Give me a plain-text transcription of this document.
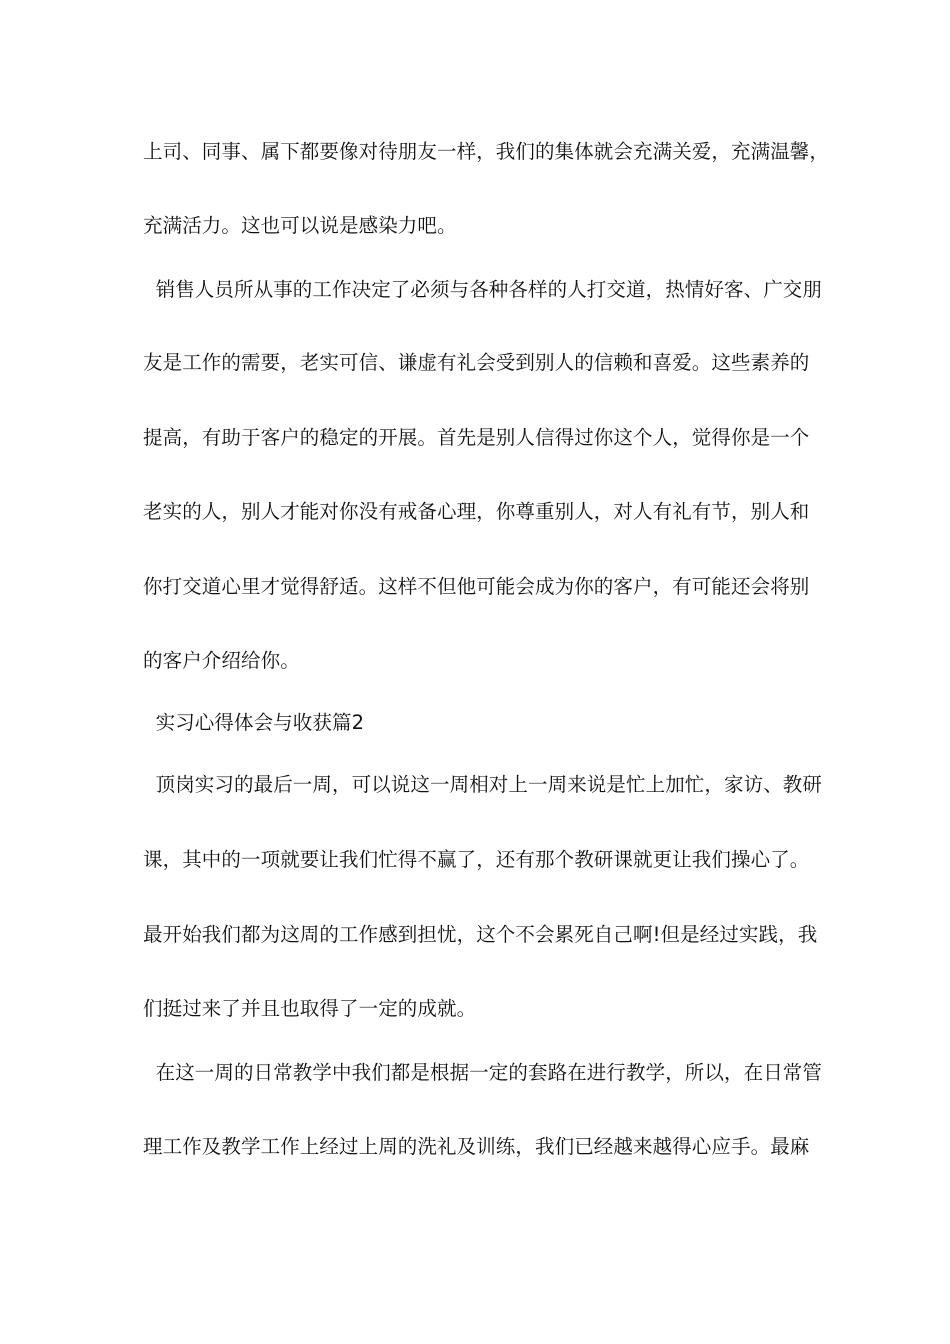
上司、同事、属下都要像对待朋友一样，我们的集体就会充满关爱，充满温馨，
充满活力。这也可以说是感染力吧。
销售人员所从事的工作决定了必须与各种各样的人打交道，热情好客、广交朋
友是工作的需要，老实可信、谦虚有礼会受到别人的信赖和喜爱。这些素养的
提高，有助于客户的稳定的开展。首先是别人信得过你这个人，觉得你是一个
老实的人，别人才能对你没有戒备心理，你尊重别人，对人有礼有节，别人和
你打交道心里才觉得舒适。这样不但他可能会成为你的客户，有可能还会将别
的客户介绍给你。
实习心得体会与收获篇2
顶岗实习的最后一周，可以说这一周相对上一周来说是忙上加忙，家访、教研
课，其中的一项就要让我们忙得不赢了，还有那个教研课就更让我们操心了。
最开始我们都为这周的工作感到担忧，这个不会累死自己啊!但是经过实践，我
们挺过来了并且也取得了一定的成就。
在这一周的日常教学中我们都是根据一定的套路在进行教学，所以，在日常管
理工作及教学工作上经过上周的洗礼及训练，我们已经越来越得心应手。最麻
